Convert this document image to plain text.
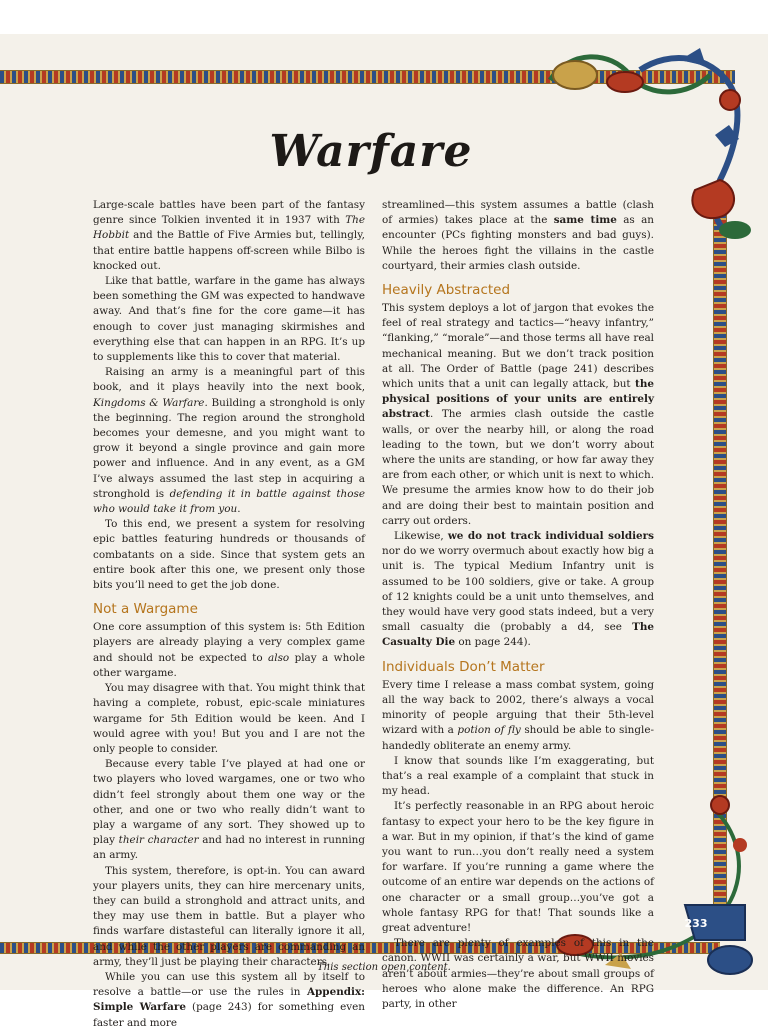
Warfare

Large-scale battles have been part of the fantasy genre since Tolkien invented it in 1937 with The Hobbit and the Battle of Five Armies but, tellingly, that entire battle happens off-screen while Bilbo is knocked out.

Like that battle, warfare in the game has always been something the GM was expected to handwave away. And that’s fine for the core game—it has enough to cover just managing skirmishes and everything else that can happen in an RPG. It’s up to supplements like this to cover that material.

Raising an army is a meaningful part of this book, and it plays heavily into the next book, Kingdoms & Warfare. Building a stronghold is only the beginning. The region around the stronghold becomes your demesne, and you might want to grow it beyond a single province and gain more power and influence. And in any event, as a GM I’ve always assumed the last step in acquiring a stronghold is defending it in battle against those who would take it from you.

To this end, we present a system for resolving epic battles featuring hundreds or thousands of combatants on a side. Since that system gets an entire book after this one, we present only those bits you’ll need to get the job done.

Not a Wargame

One core assumption of this system is: 5th Edition players are already playing a very complex game and should not be expected to also play a whole other wargame.

You may disagree with that. You might think that having a complete, robust, epic-scale miniatures wargame for 5th Edition would be keen. And I would agree with you! But you and I are not the only people to consider.

Because every table I’ve played at had one or two players who loved wargames, one or two who didn’t feel strongly about them one way or the other, and one or two who really didn’t want to play a wargame of any sort. They showed up to play their character and had no interest in running an army.

This system, therefore, is opt-in. You can award your players units, they can hire mercenary units, they can build a stronghold and attract units, and they may use them in battle. But a player who finds warfare distasteful can literally ignore it all, and while the other players are commanding an army, they’ll just be playing their characters.

While you can use this system all by itself to resolve a battle—or use the rules in Appendix: Simple Warfare (page 243) for something even faster and more

streamlined—this system assumes a battle (clash of armies) takes place at the same time as an encounter (PCs fighting monsters and bad guys). While the heroes fight the villains in the castle courtyard, their armies clash outside.

Heavily Abstracted

This system deploys a lot of jargon that evokes the feel of real strategy and tactics—“heavy infantry,” “flanking,” “morale”—and those terms all have real mechanical meaning. But we don’t track position at all. The Order of Battle (page 241) describes which units that a unit can legally attack, but the physical positions of your units are entirely abstract. The armies clash outside the castle walls, or over the nearby hill, or along the road leading to the town, but we don’t worry about where the units are standing, or how far away they are from each other, or which unit is next to which. We presume the armies know how to do their job and are doing their best to maintain position and carry out orders.

Likewise, we do not track individual soldiers nor do we worry overmuch about exactly how big a unit is. The typical Medium Infantry unit is assumed to be 100 soldiers, give or take. A group of 12 knights could be a unit unto themselves, and they would have very good stats indeed, but a very small casualty die (probably a d4, see The Casualty Die on page 244).

Individuals Don’t Matter

Every time I release a mass combat system, going all the way back to 2002, there’s always a vocal minority of people arguing that their 5th-level wizard with a potion of fly should be able to single-handedly obliterate an enemy army.

I know that sounds like I’m exaggerating, but that’s a real example of a complaint that stuck in my head.

It’s perfectly reasonable in an RPG about heroic fantasy to expect your hero to be the key figure in a war. But in my opinion, if that’s the kind of game you want to run…you don’t really need a system for warfare. If you’re running a game where the outcome of an entire war depends on the actions of one character or a small group…you’ve got a whole fantasy RPG for that! That sounds like a great adventure!

There are plenty of examples of this in the canon. WWII was certainly a war, but WWII movies aren’t about armies—they’re about small groups of heroes who alone make the difference. An RPG party, in other

233
This section open content.
